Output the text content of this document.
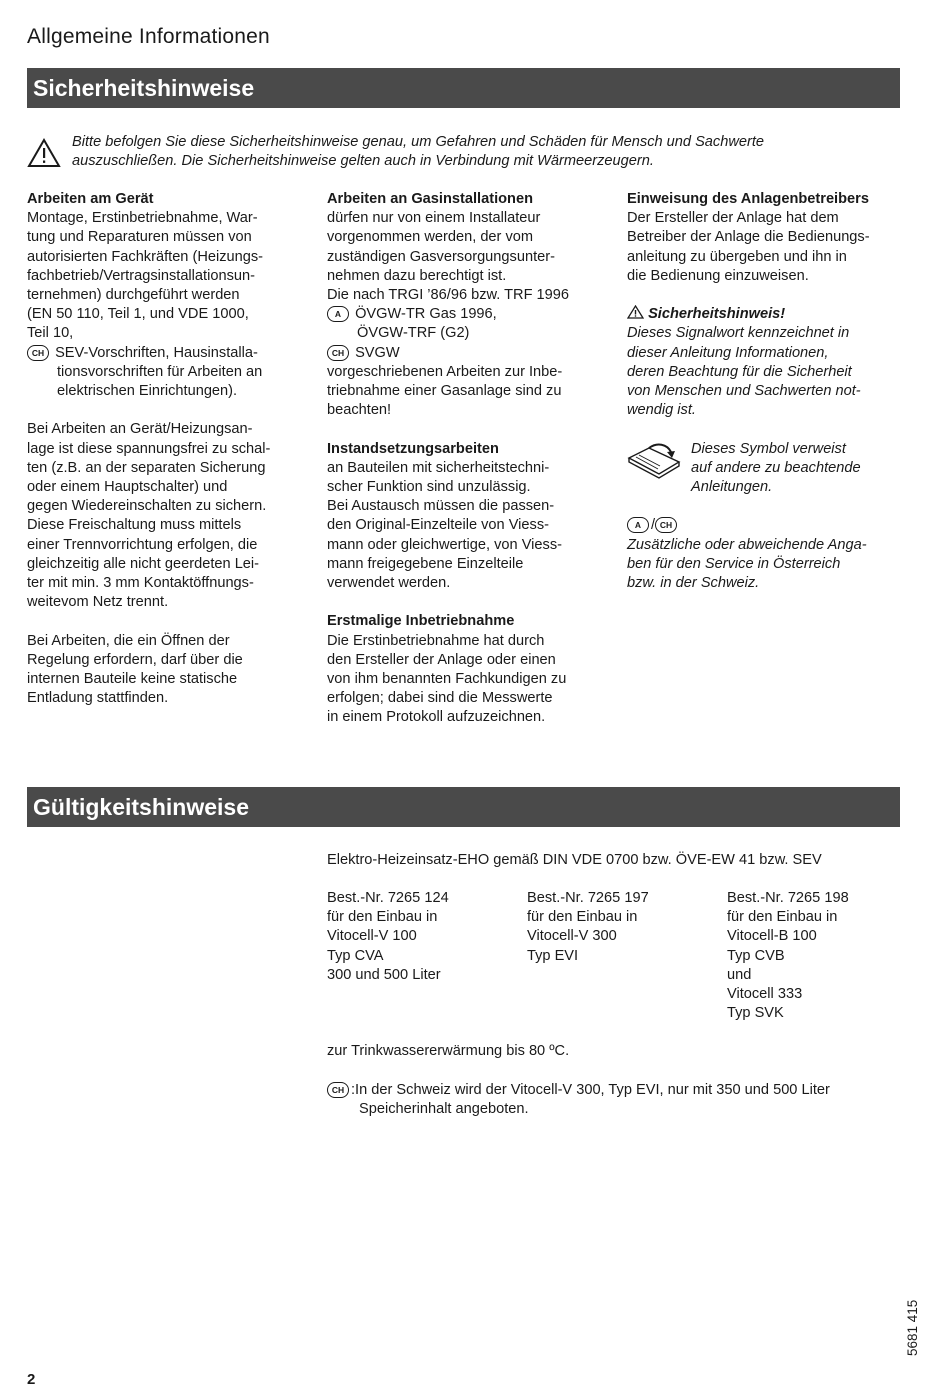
Allgemeine Informationen
Sicherheitshinweise
Bitte befolgen Sie diese Sicherheitshinweise genau, um Gefahren und Schäden für Mensch und Sachwerte
auszuschließen. Die Sicherheitshinweise gelten auch in Verbindung mit Wärmeerzeugern.
Arbeiten am Gerät
Montage, Erstinbetriebnahme, War-
tung und Reparaturen müssen von
autorisierten Fachkräften (Heizungs-
fachbetrieb/Vertragsinstallationsun-
ternehmen) durchgeführt werden
(EN 50 110, Teil 1, und VDE 1000,
Teil 10,
CH SEV-Vorschriften, Hausinstalla-
tionsvorschriften für Arbeiten an
elektrischen Einrichtungen).
Bei Arbeiten an Gerät/Heizungsan-
lage ist diese spannungsfrei zu schal-
ten (z.B. an der separaten Sicherung
oder einem Hauptschalter) und
gegen Wiedereinschalten zu sichern.
Diese Freischaltung muss mittels
einer Trennvorrichtung erfolgen, die
gleichzeitig alle nicht geerdeten Lei-
ter mit min. 3 mm Kontaktöffnungs-
weitevom Netz trennt.
Bei Arbeiten, die ein Öffnen der
Regelung erfordern, darf über die
internen Bauteile keine statische
Entladung stattfinden.
Arbeiten an Gasinstallationen
dürfen nur von einem Installateur
vorgenommen werden, der vom
zuständigen Gasversorgungsunter-
nehmen dazu berechtigt ist.
Die nach TRGI ’86/96 bzw. TRF 1996
A ÖVGW-TR Gas 1996,
ÖVGW-TRF (G2)
CH SVGW
vorgeschriebenen Arbeiten zur Inbe-
triebnahme einer Gasanlage sind zu
beachten!
Instandsetzungsarbeiten
an Bauteilen mit sicherheitstechni-
scher Funktion sind unzulässig.
Bei Austausch müssen die passen-
den Original-Einzelteile von Viess-
mann oder gleichwertige, von Viess-
mann freigegebene Einzelteile
verwendet werden.
Erstmalige Inbetriebnahme
Die Erstinbetriebnahme hat durch
den Ersteller der Anlage oder einen
von ihm benannten Fachkundigen zu
erfolgen; dabei sind die Messwerte
in einem Protokoll aufzuzeichnen.
Einweisung des Anlagenbetreibers
Der Ersteller der Anlage hat dem
Betreiber der Anlage die Bedienungs-
anleitung zu übergeben und ihn in
die Bedienung einzuweisen.
Sicherheitshinweis!
Dieses Signalwort kennzeichnet in
dieser Anleitung Informationen,
deren Beachtung für die Sicherheit
von Menschen und Sachwerten not-
wendig ist.
Dieses Symbol verweist
auf andere zu beachtende
Anleitungen.
A / CH
Zusätzliche oder abweichende Anga-
ben für den Service in Österreich
bzw. in der Schweiz.
Gültigkeitshinweise
Elektro-Heizeinsatz-EHO gemäß DIN VDE 0700 bzw. ÖVE-EW 41 bzw. SEV
Best.-Nr. 7265 124
für den Einbau in
Vitocell-V 100
Typ CVA
300 und 500 Liter
Best.-Nr. 7265 197
für den Einbau in
Vitocell-V 300
Typ EVI
Best.-Nr. 7265 198
für den Einbau in
Vitocell-B 100
Typ CVB
und
Vitocell 333
Typ SVK
zur Trinkwassererwärmung bis 80 ºC.
CH :In der Schweiz wird der Vitocell-V 300, Typ EVI, nur mit 350 und 500 Liter
Speicherinhalt angeboten.
2
5681 415
